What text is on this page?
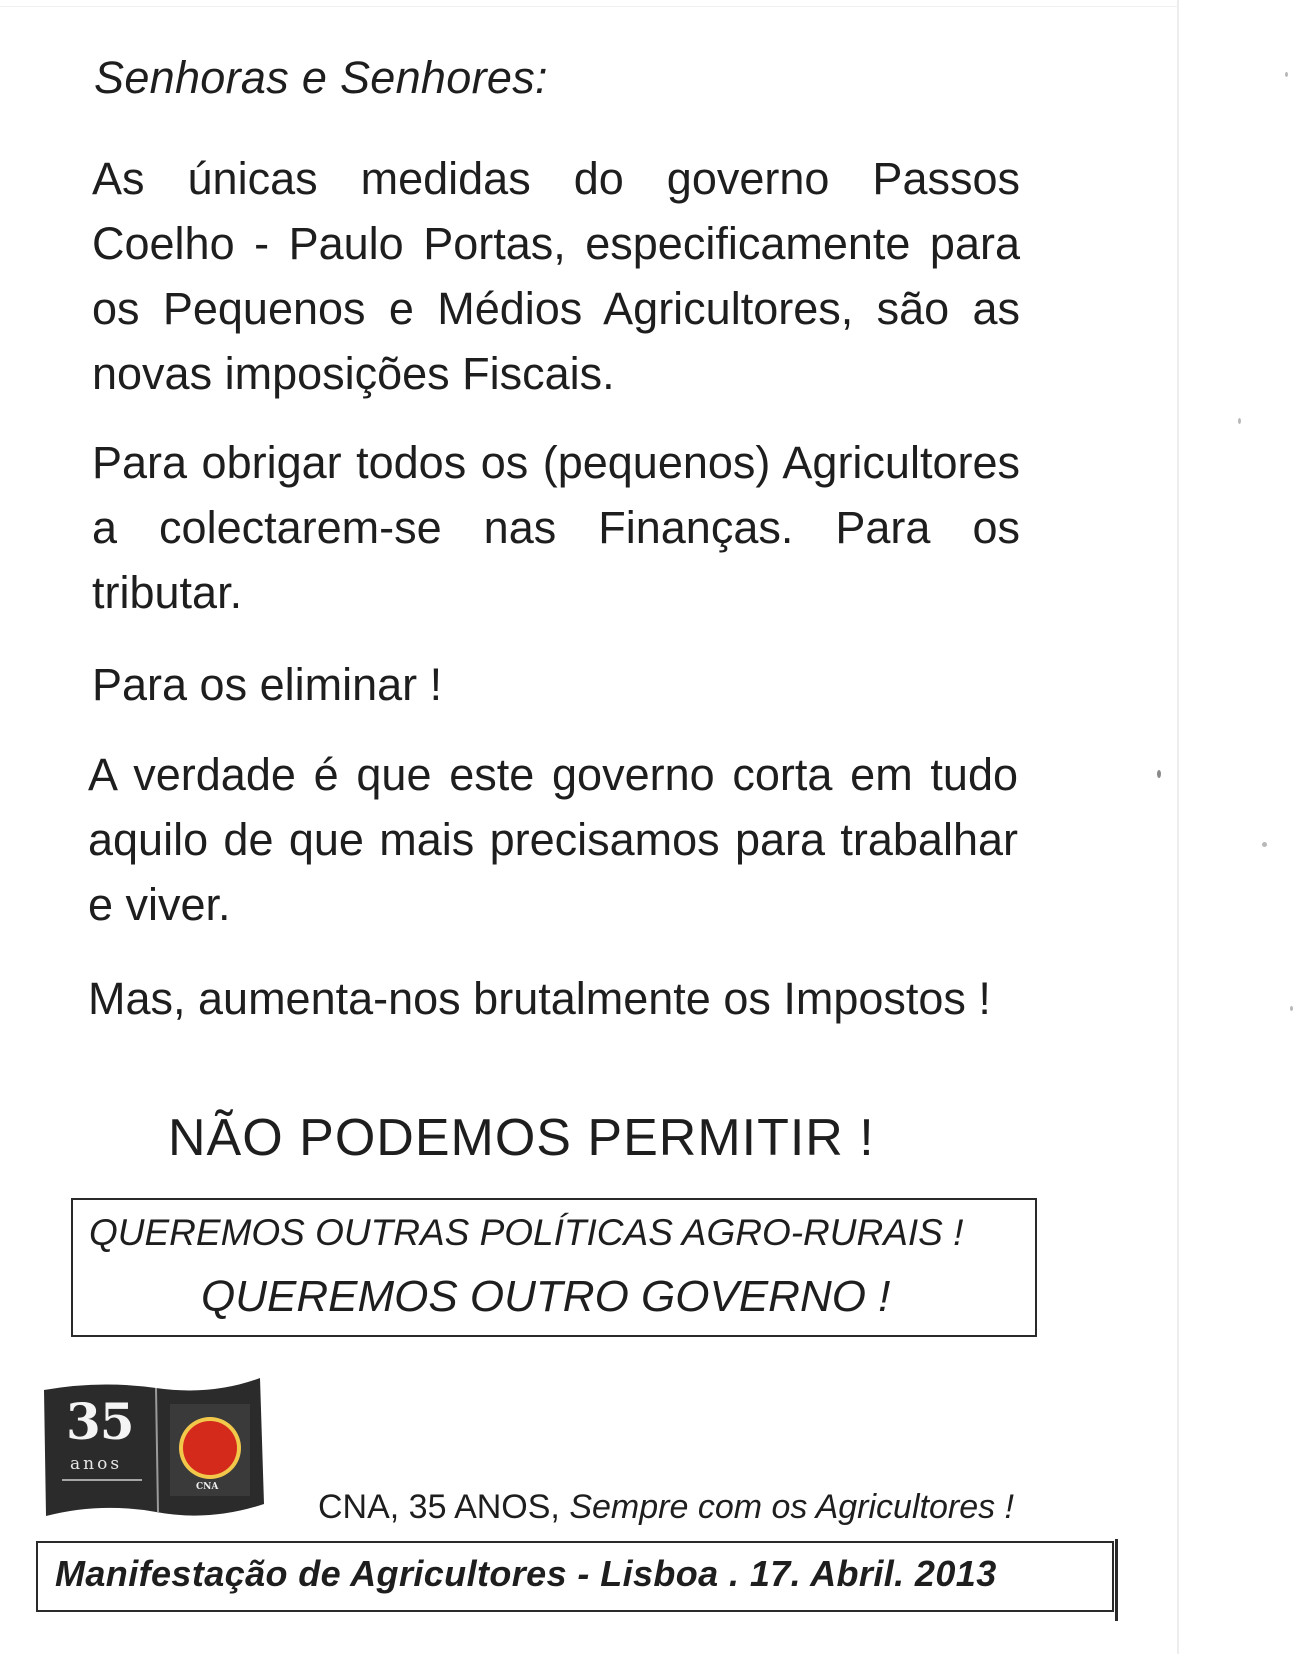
Senhoras e Senhores:

As únicas medidas do governo Passos Coelho - Paulo Portas, especificamente para os Pequenos e Médios Agricultores, são as novas imposições Fiscais.

Para obrigar todos os (pequenos) Agricultores a colectarem-se nas Finanças. Para os tributar.

Para os eliminar !

A verdade é que este governo corta em tudo aquilo de que mais precisamos para trabalhar e viver.

Mas, aumenta-nos brutalmente os Impostos !

NÃO PODEMOS PERMITIR !

QUEREMOS OUTRAS POLÍTICAS AGRO-RURAIS !

QUEREMOS OUTRO GOVERNO !

35
anos
CNA

CNA, 35 ANOS, Sempre com os Agricultores !

Manifestação de Agricultores - Lisboa . 17. Abril. 2013
